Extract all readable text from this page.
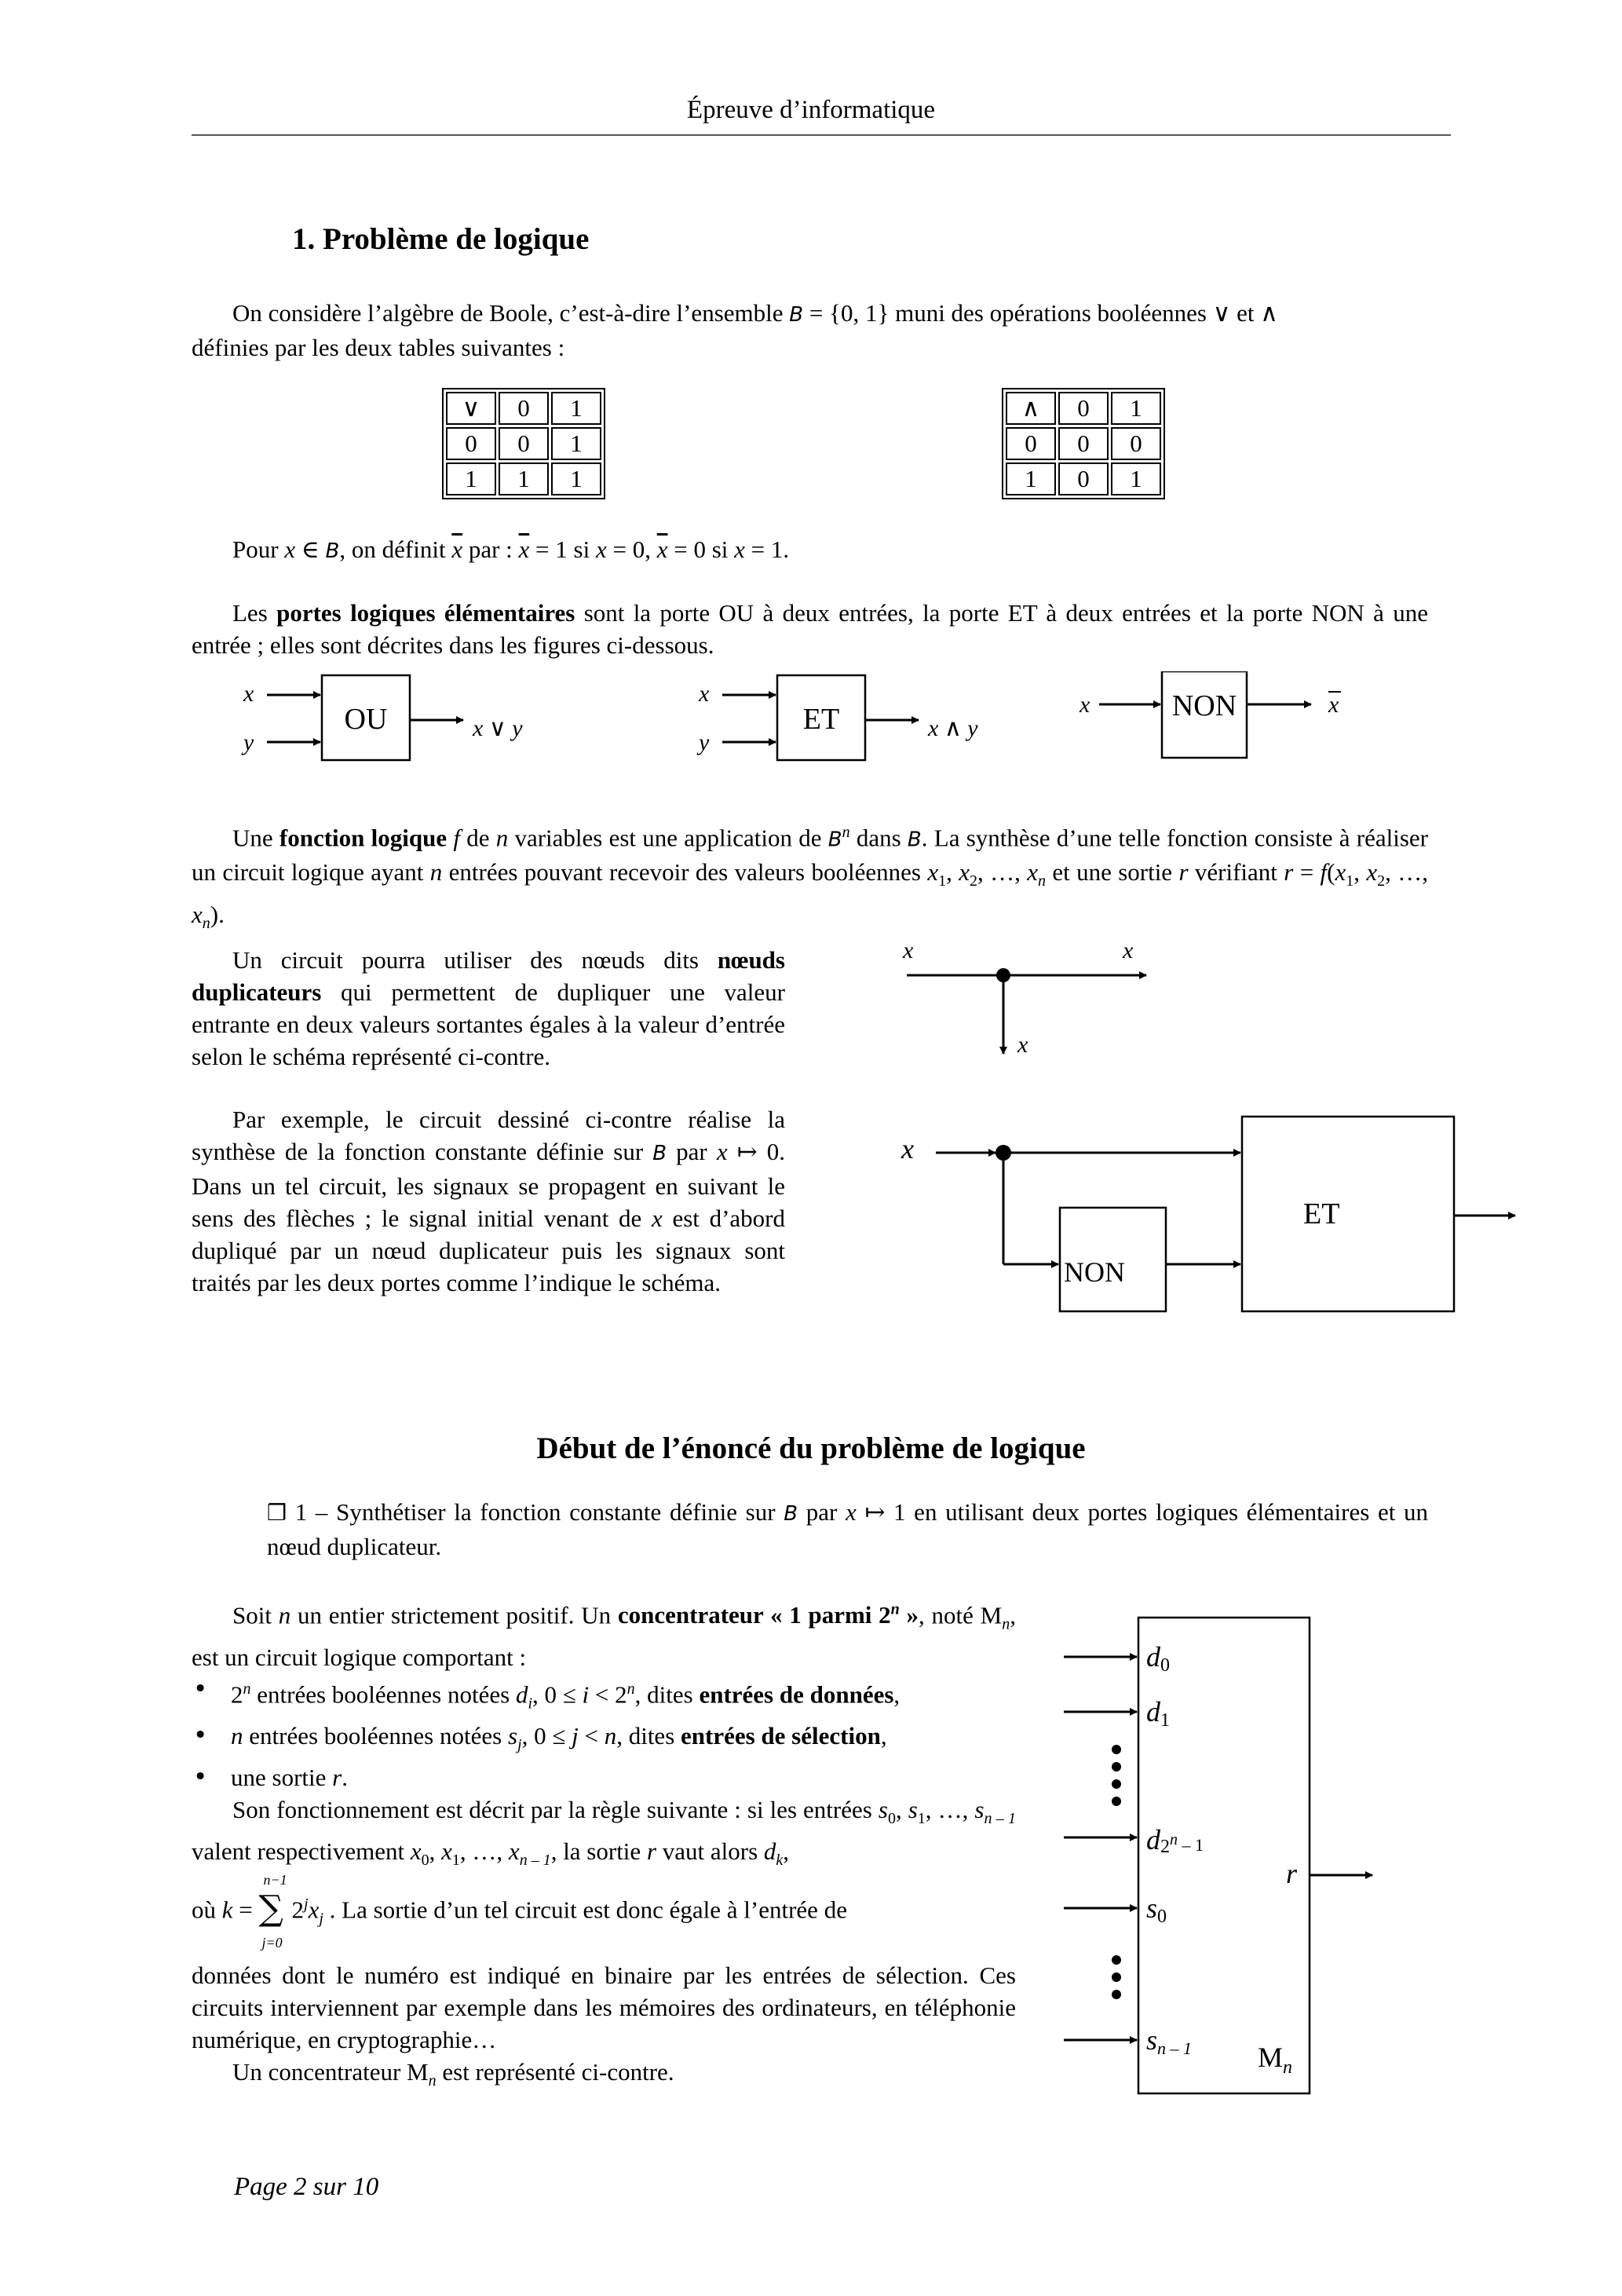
Épreuve d’informatique
1. Problème de logique
On considère l’algèbre de Boole, c’est-à-dire l’ensemble B = {0, 1} muni des opérations booléennes ∨ et ∧
définies par les deux tables suivantes :
∨	0	1
0	0	1
1	1	1
∧	0	1
0	0	0
1	0	1
Pour x ∈ B, on définit $\overline{x}$ par : $\overline{x} = 1$ si x = 0, $\overline{x} = 0$ si x = 1.
Les portes logiques élémentaires sont la porte OU à deux entrées, la porte ET à deux entrées et la porte NON à une entrée ; elles sont décrites dans les figures ci-dessous.
x
y
OU	x ∨ y
x
y
ET	x ∧ y
x	NON	x
Une fonction logique f de n variables est une application de $B^n$ dans B. La synthèse d’une telle fonction consiste à réaliser un circuit logique ayant n entrées pouvant recevoir des valeurs booléennes $x_1$, $x_2$, …, $x_n$ et une sortie r vérifiant $r = f(x_1$, $x_2$, …, $x_n$).
Un circuit pourra utiliser des nœuds dits nœuds duplicateurs qui permettent de dupliquer une valeur entrante en deux valeurs sortantes égales à la valeur d’entrée selon le schéma représenté ci-contre.
x	x
x
Par exemple, le circuit dessiné ci-contre réalise la synthèse de la fonction constante définie sur B par x ↦ 0. Dans un tel circuit, les signaux se propagent en suivant le sens des flèches ; le signal initial venant de x est d’abord dupliqué par un nœud duplicateur puis les signaux sont traités par les deux portes comme l’indique le schéma.
x
NON
ET
Début de l’énoncé du problème de logique
❒ 1 – Synthétiser la fonction constante définie sur B par x ↦ 1 en utilisant deux portes logiques élémentaires et un nœud duplicateur.
Soit n un entier strictement positif. Un concentrateur « 1 parmi 2$^n$ », noté $M_n$, est un circuit logique comportant :
• 2$^n$ entrées booléennes notées $d_i$, $0 \le i < 2^n$, dites entrées de données,
• n entrées booléennes notées $s_j$, 0 ≤ j < n, dites entrées de sélection,
• une sortie r.
Son fonctionnement est décrit par la règle suivante : si les entrées $s_0$, $s_1$, …, $s_{n - 1}$ valent respectivement $x_0$, $x_1$, …, $x_{n - 1}$, la sortie r vaut alors $d_k$,
où k =
n−1
∑
j=0
$2^jx_j$ . La sortie d’un tel circuit est donc égale à l’entrée de
données dont le numéro est indiqué en binaire par les entrées de sélection. Ces circuits interviennent par exemple dans les mémoires des ordinateurs, en téléphonie numérique, en cryptographie…
Un concentrateur $M_n$ est représenté ci-contre.
d0
d1
d2$^n$ $_{- 1}$
s0
sn – 1
r
$M_n$
Page 2 sur 10
